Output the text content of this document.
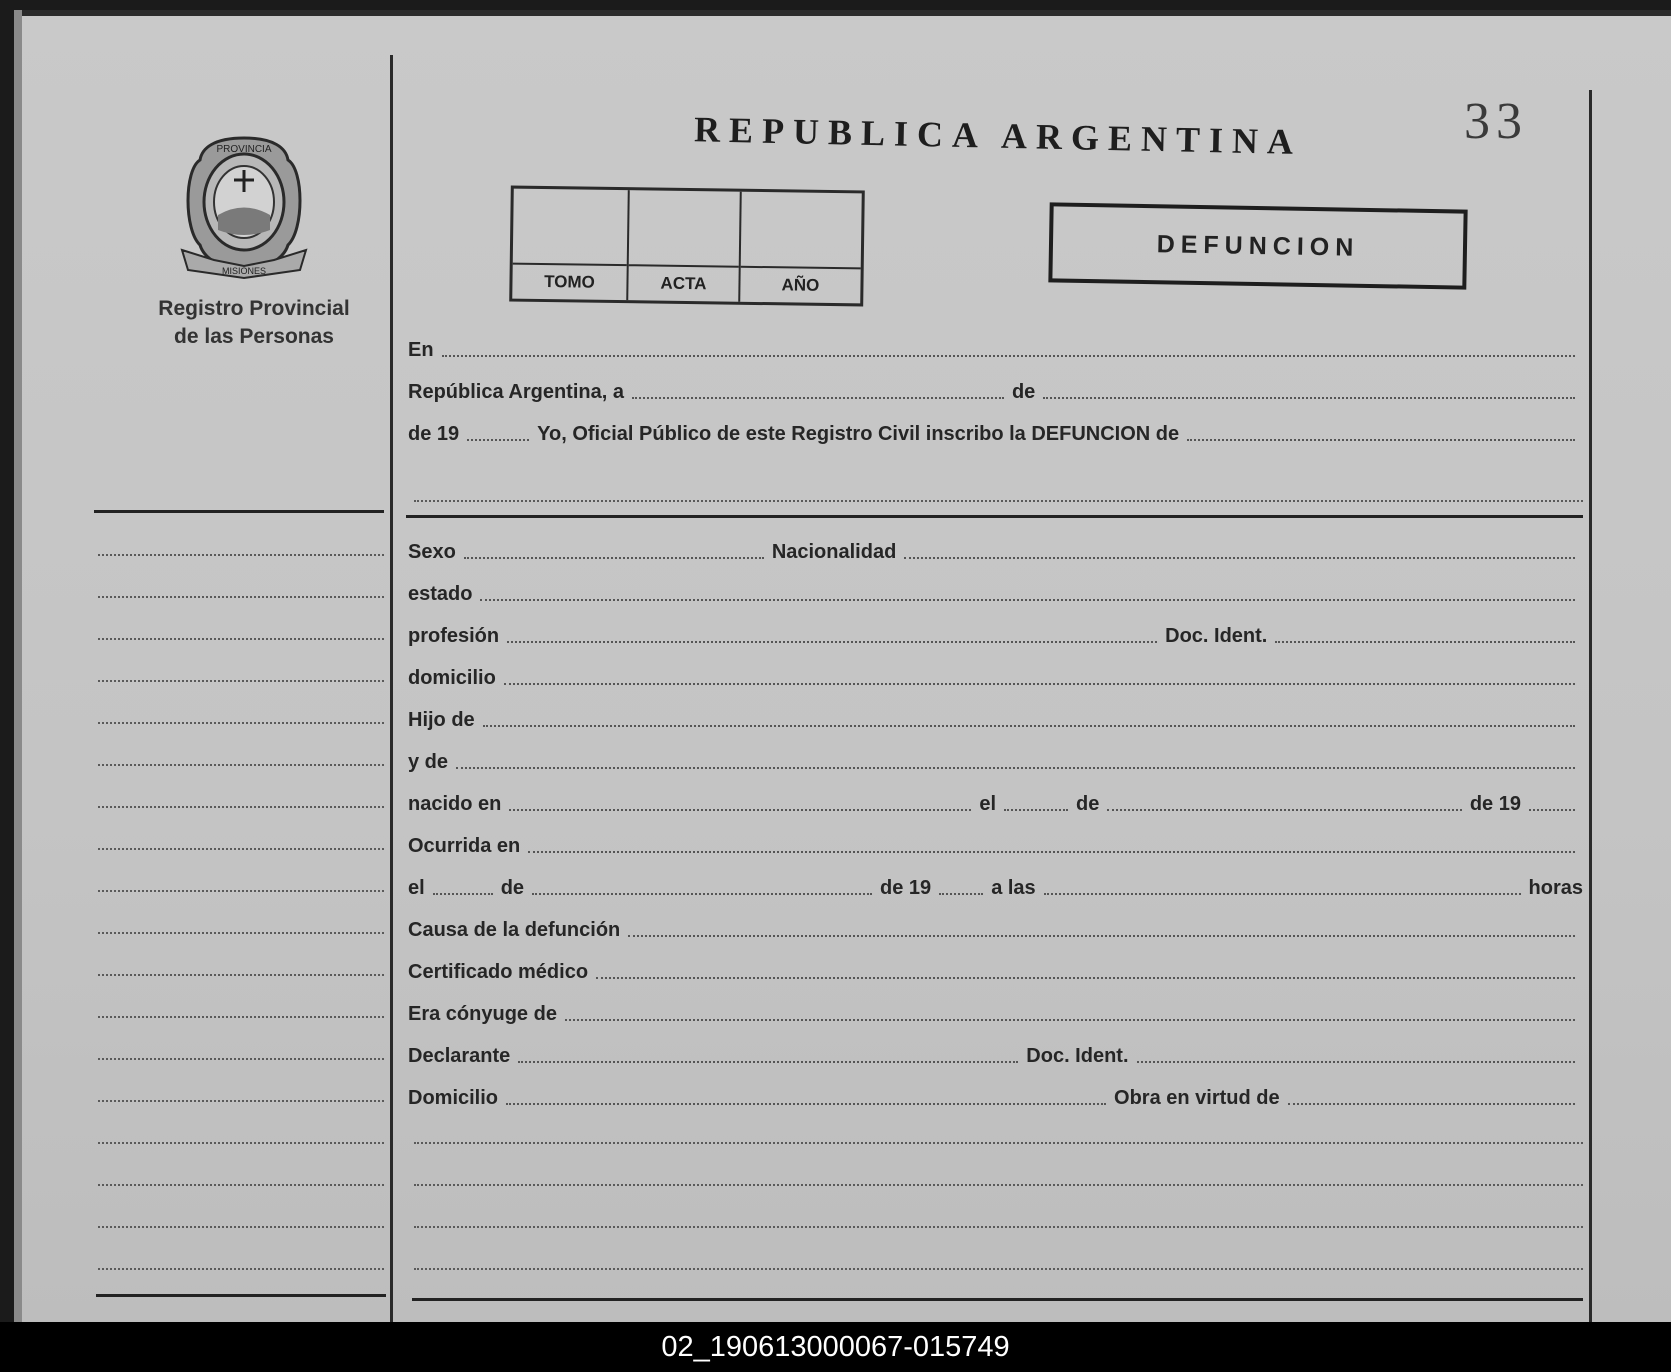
PROVINCIA
MISIONES
Registro Provincial
de las Personas
REPUBLICA ARGENTINA	33
TOMO	ACTA	AÑO
DEFUNCION
En
República Argentina, a	de
de 19	Yo, Oficial Público de este Registro Civil inscribo la DEFUNCION de
Sexo	Nacionalidad
estado
profesión	Doc. Ident.
domicilio
Hijo de
y de
nacido en	el	de	de 19
Ocurrida en
el	de	de 19	a las	horas
Causa de la defunción
Certificado médico
Era cónyuge de
Declarante	Doc. Ident.
Domicilio	Obra en virtud de
02_190613000067-015749
